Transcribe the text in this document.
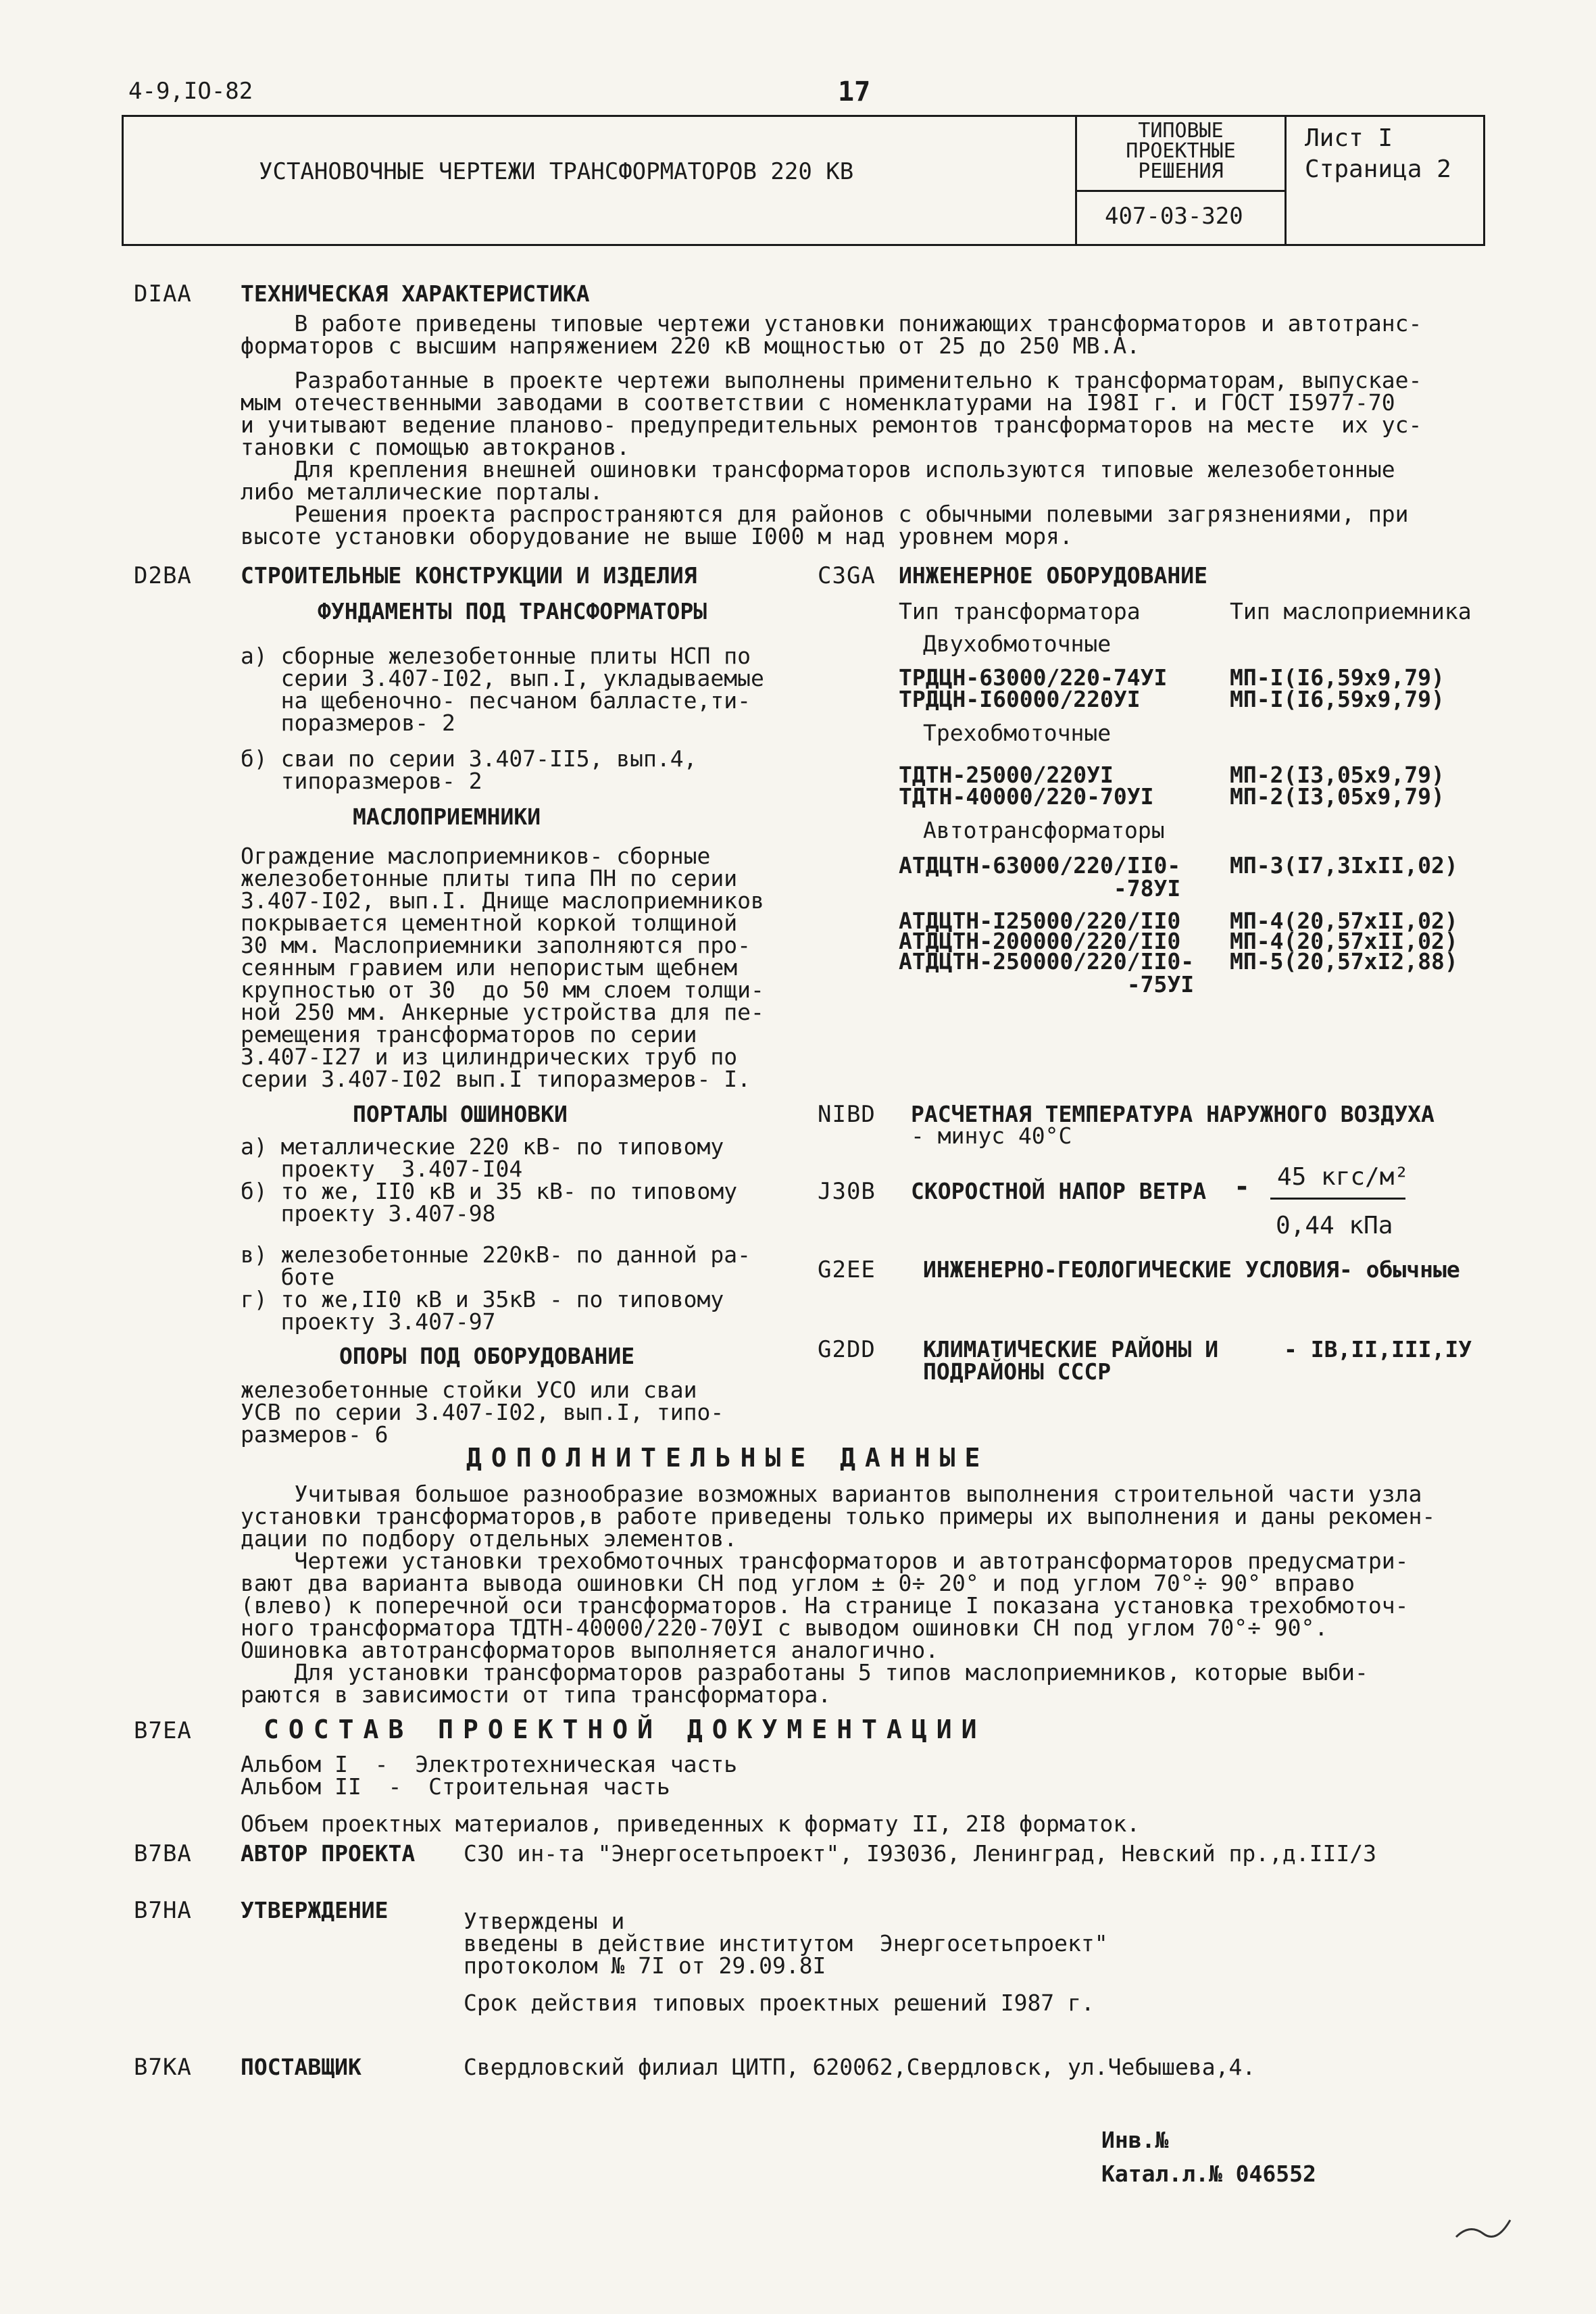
4-9,IO-82	17
УСТАНОВОЧНЫЕ ЧЕРТЕЖИ ТРАНСФОРМАТОРОВ 220 КВ
ТИПОВЫЕ
ПРОЕКТНЫЕ
РЕШЕНИЯ
407-03-320
Лист I
Страница 2
DIAA ТЕХНИЧЕСКАЯ ХАРАКТЕРИСТИКА
В работе приведены типовые чертежи установки понижающих трансформаторов и автотранс-
форматоров с высшим напряжением 220 кВ мощностью от 25 до 250 МВ.А.
Разработанные в проекте чертежи выполнены применительно к трансформаторам, выпускае-
мым отечественными заводами в соответствии с номенклатурами на I98I г. и ГОСТ I5977-70
и учитывают ведение планово- предупредительных ремонтов трансформаторов на месте  их ус-
тановки с помощью автокранов.
Для крепления внешней ошиновки трансформаторов используются типовые железобетонные
либо металлические порталы.
Решения проекта распространяются для районов с обычными полевыми загрязнениями, при
высоте установки оборудование не выше I000 м над уровнем моря.
D2BA СТРОИТЕЛЬНЫЕ КОНСТРУКЦИИ И ИЗДЕЛИЯ
ФУНДАМЕНТЫ ПОД ТРАНСФОРМАТОРЫ
а) сборные железобетонные плиты НСП по
серии 3.407-I02, вып.I, укладываемые
на щебеночно- песчаном балласте,ти-
поразмеров- 2
б) сваи по серии 3.407-II5, вып.4,
типоразмеров- 2
МАСЛОПРИЕМНИКИ
Ограждение маслоприемников- сборные
железобетонные плиты типа ПН по серии
3.407-I02, вып.I. Днище маслоприемников
покрывается цементной коркой толщиной
30 мм. Маслоприемники заполняются про-
сеянным гравием или непористым щебнем
крупностью от 30  до 50 мм слоем толщи-
ной 250 мм. Анкерные устройства для пе-
ремещения трансформаторов по серии
3.407-I27 и из цилиндрических труб по
серии 3.407-I02 вып.I типоразмеров- I.
ПОРТАЛЫ ОШИНОВКИ
а) металлические 220 кВ- по типовому
проекту  3.407-I04
б) то же, II0 кВ и 35 кВ- по типовому
проекту 3.407-98
в) железобетонные 220кВ- по данной ра-
боте
г) то же,II0 кВ и 35кВ - по типовому
проекту 3.407-97
ОПОРЫ ПОД ОБОРУДОВАНИЕ
железобетонные стойки УСО или сваи
УСВ по серии 3.407-I02, вып.I, типо-
размеров- 6
C3GA ИНЖЕНЕРНОЕ ОБОРУДОВАНИЕ
Тип трансформатора	Тип маслоприемника
Двухобмоточные
ТРДЦН-63000/220-74УI	МП-I(I6,59х9,79)
ТРДЦН-I60000/220УI	МП-I(I6,59х9,79)
Трехобмоточные
ТДТН-25000/220УI	МП-2(I3,05х9,79)
ТДТН-40000/220-70УI	МП-2(I3,05х9,79)
Автотрансформаторы
АТДЦТН-63000/220/II0- МП-3(I7,3IхII,02)
-78УI
АТДЦТН-I25000/220/II0 МП-4(20,57хII,02)
АТДЦТН-200000/220/II0 МП-4(20,57хII,02)
АТДЦТН-250000/220/II0- МП-5(20,57хI2,88)
-75УI
NIBD РАСЧЕТНАЯ ТЕМПЕРАТУРА НАРУЖНОГО ВОЗДУХА
- минус 40°С
J30B СКОРОСТНОЙ НАПОР ВЕТРА - 45 кгс/м²
0,44 кПа
G2EE ИНЖЕНЕРНО-ГЕОЛОГИЧЕСКИЕ УСЛОВИЯ- обычные
G2DD КЛИМАТИЧЕСКИЕ РАЙОНЫ И
ПОДРАЙОНЫ СССР
- IВ,II,III,IУ
ДОПОЛНИТЕЛЬНЫЕ ДАННЫЕ
Учитывая большое разнообразие возможных вариантов выполнения строительной части узла
установки трансформаторов,в работе приведены только примеры их выполнения и даны рекомен-
дации по подбору отдельных элементов.
Чертежи установки трехобмоточных трансформаторов и автотрансформаторов предусматри-
вают два варианта вывода ошиновки СН под углом ± 0÷ 20° и под углом 70°÷ 90° вправо
(влево) к поперечной оси трансформаторов. На странице I показана установка трехобмоточ-
ного трансформатора ТДТН-40000/220-70УI с выводом ошиновки СН под углом 70°÷ 90°.
Ошиновка автотрансформаторов выполняется аналогично.
Для установки трансформаторов разработаны 5 типов маслоприемников, которые выби-
раются в зависимости от типа трансформатора.
B7EA	СОСТАВ ПРОЕКТНОЙ ДОКУМЕНТАЦИИ
Альбом I  -  Электротехническая часть
Альбом II  -  Строительная часть
Объем проектных материалов, приведенных к формату II, 2I8 форматок.
B7BA АВТОР ПРОЕКТА СЗО ин-та "Энергосетьпроект", I93036, Ленинград, Невский пр.,д.III/3
B7HA УТВЕРЖДЕНИЕ	Утверждены и
введены в действие институтом  Энергосетьпроект"
протоколом № 7I от 29.09.8I
Срок действия типовых проектных решений I987 г.
B7KA ПОСТАВЩИК	Свердловский филиал ЦИТП, 620062,Свердловск, ул.Чебышева,4.
Инв.№
Катал.л.№ 046552
